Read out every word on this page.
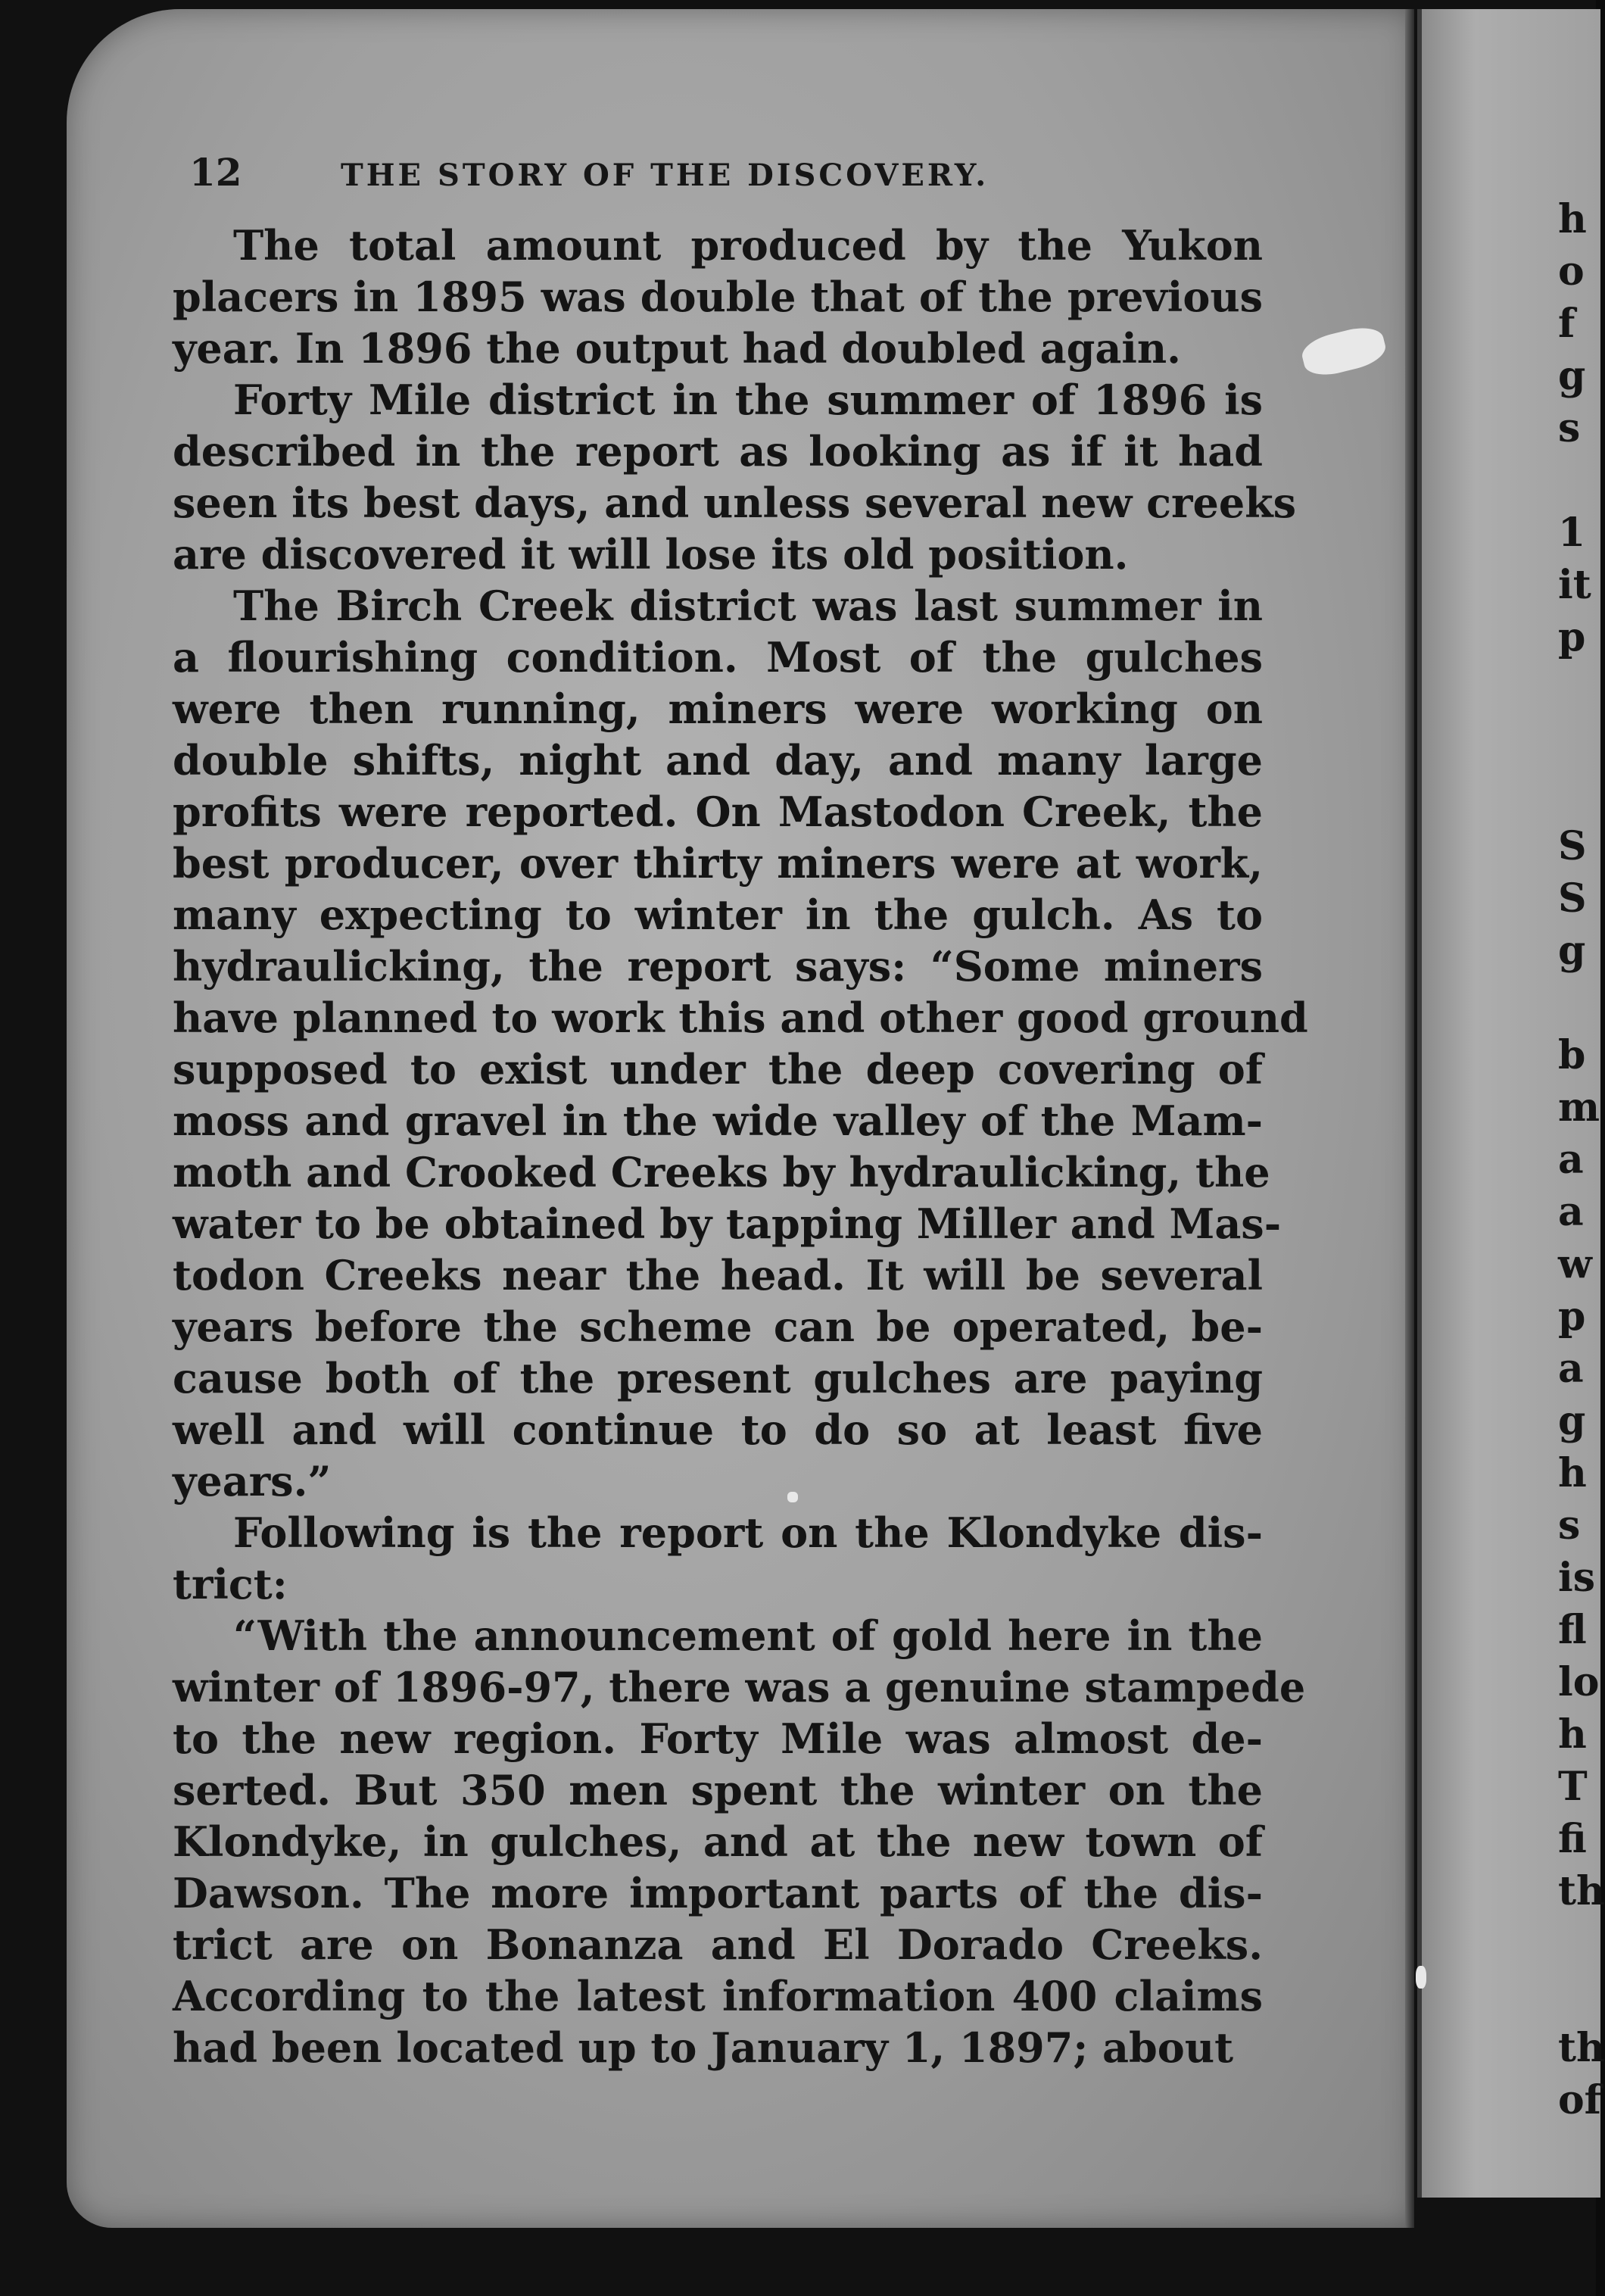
12	THE STORY OF THE DISCOVERY.

The total amount produced by the Yukon
placers in 1895 was double that of the previous
year. In 1896 the output had doubled again.

Forty Mile district in the summer of 1896 is
described in the report as looking as if it had
seen its best days, and unless several new creeks
are discovered it will lose its old position.

The Birch Creek district was last summer in
a flourishing condition. Most of the gulches
were then running, miners were working on
double shifts, night and day, and many large
profits were reported. On Mastodon Creek, the
best producer, over thirty miners were at work,
many expecting to winter in the gulch. As to
hydraulicking, the report says: “Some miners
have planned to work this and other good ground
supposed to exist under the deep covering of
moss and gravel in the wide valley of the Mam-
moth and Crooked Creeks by hydraulicking, the
water to be obtained by tapping Miller and Mas-
todon Creeks near the head. It will be several
years before the scheme can be operated, be-
cause both of the present gulches are paying
well and will continue to do so at least five
years.”

Following is the report on the Klondyke dis-
trict:

“With the announcement of gold here in the
winter of 1896-97, there was a genuine stampede
to the new region. Forty Mile was almost de-
serted. But 350 men spent the winter on the
Klondyke, in gulches, and at the new town of
Dawson. The more important parts of the dis-
trict are on Bonanza and El Dorado Creeks.
According to the latest information 400 claims
had been located up to January 1, 1897; about

h
o
f
g
s
1
it
p
S
S
g
b
m
a
a
w
p
a
g
h
s
is
fl
lo
h
T
fi
th
th
of
